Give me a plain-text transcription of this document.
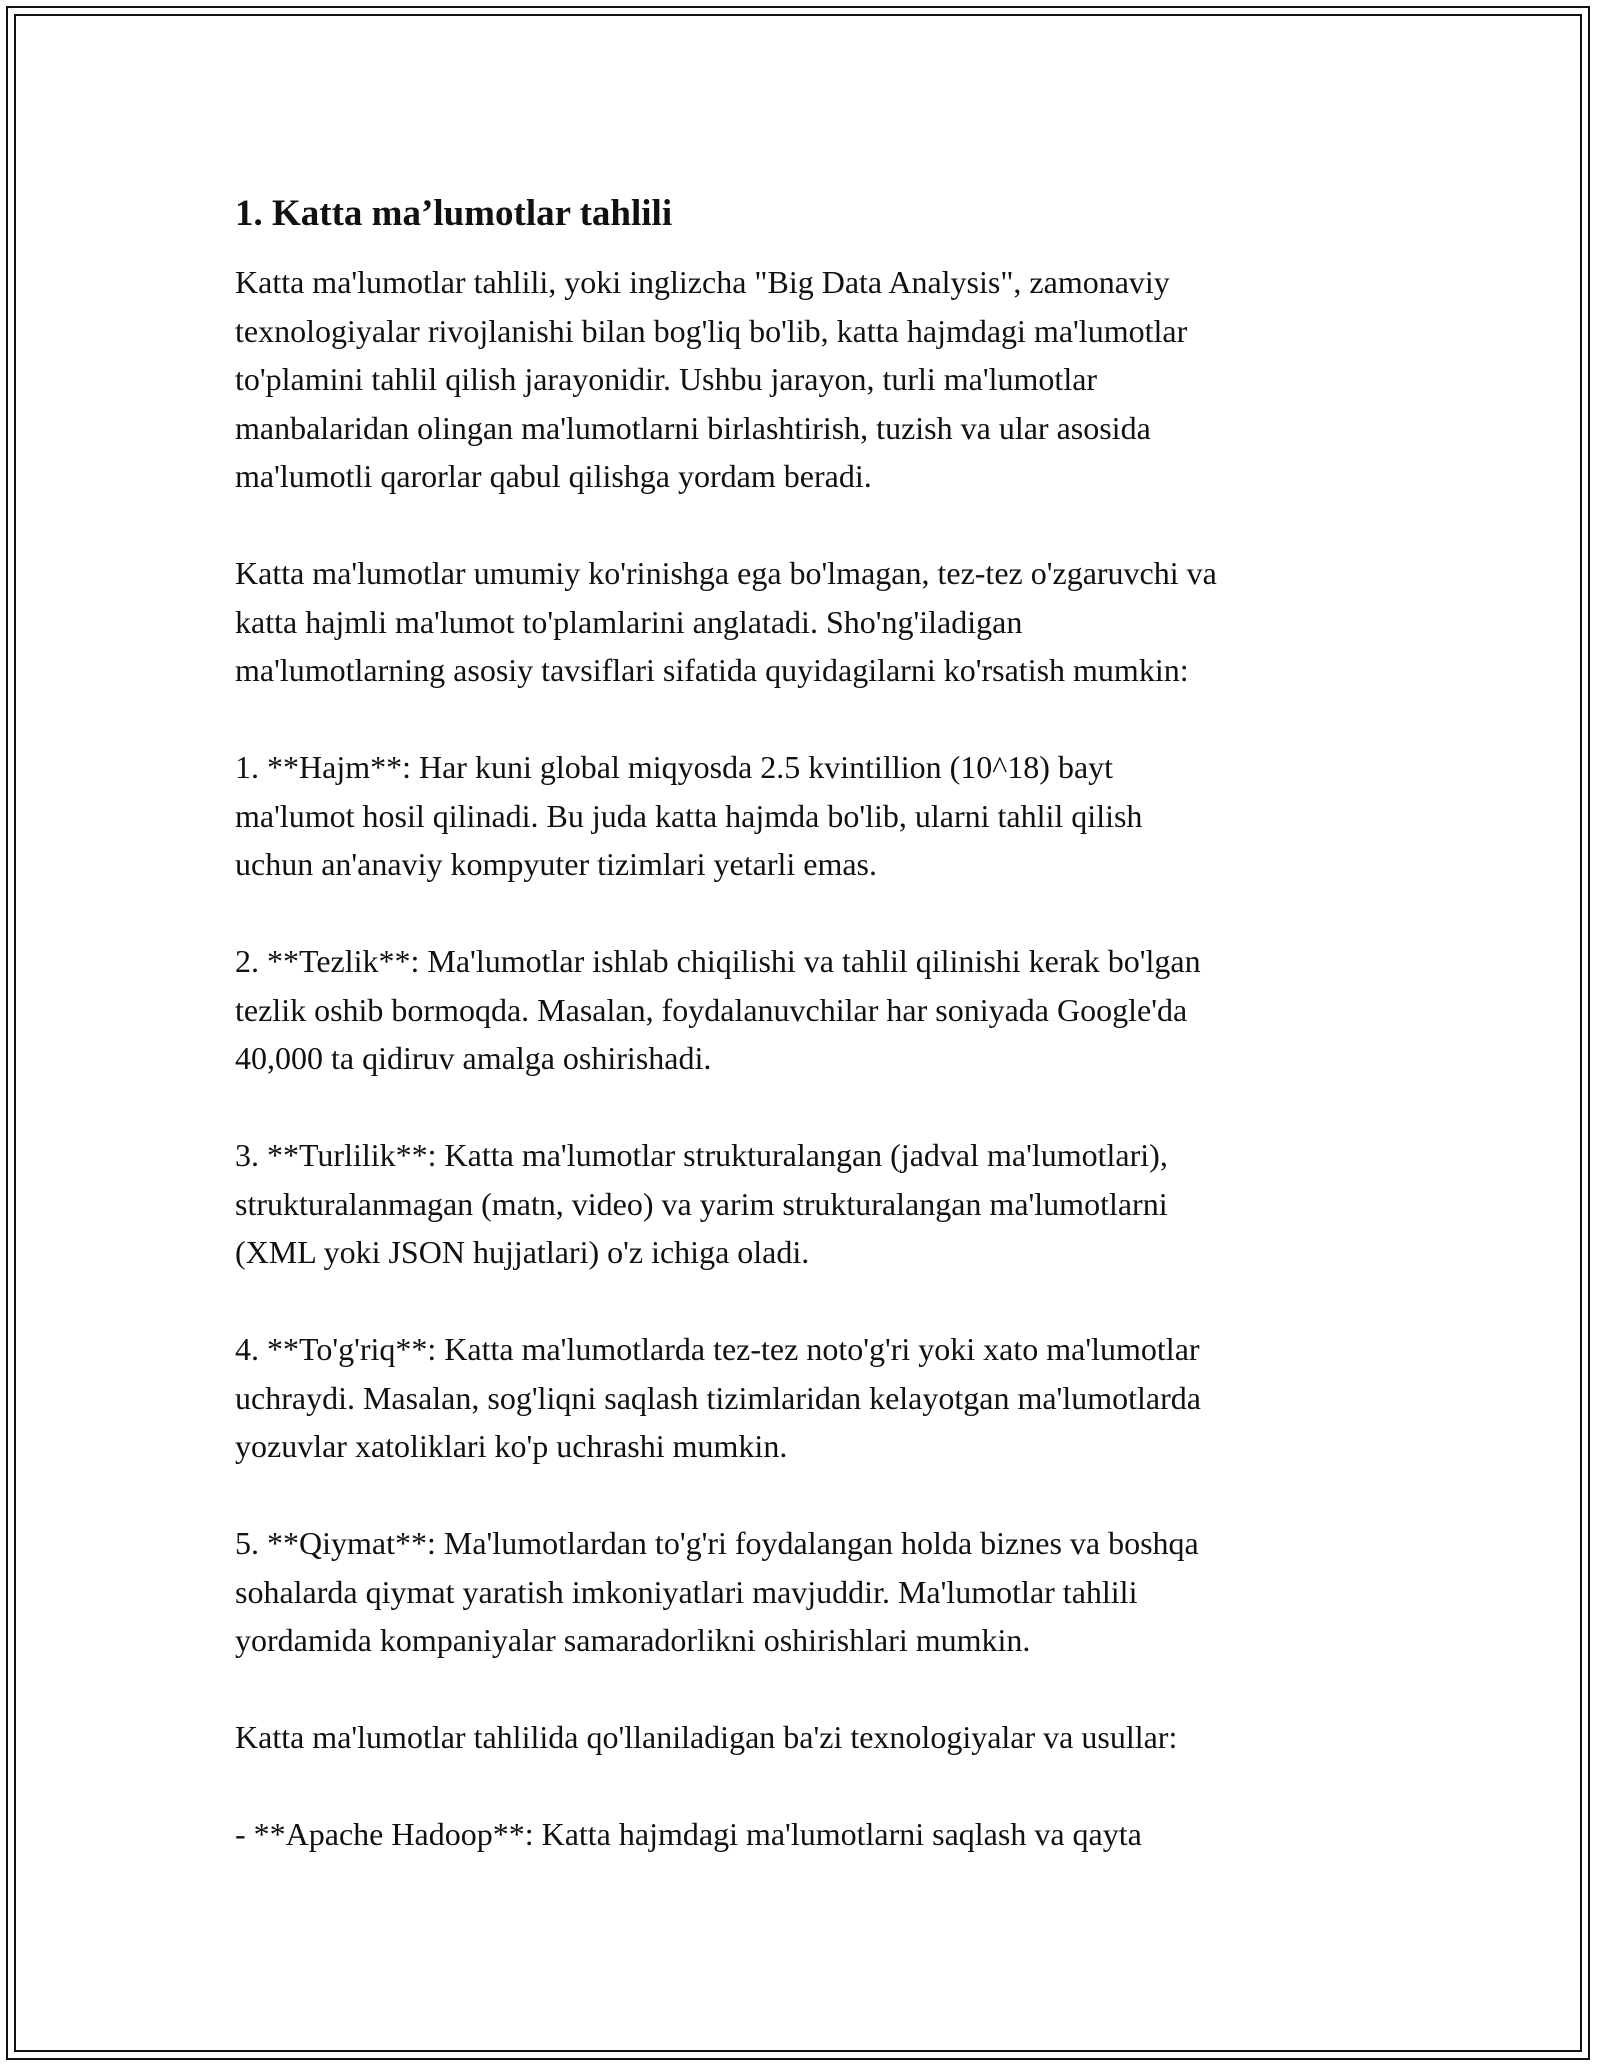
1. Katta ma’lumotlar tahlili

Katta ma'lumotlar tahlili, yoki inglizcha "Big Data Analysis", zamonaviy
texnologiyalar rivojlanishi bilan bog'liq bo'lib, katta hajmdagi ma'lumotlar
to'plamini tahlil qilish jarayonidir. Ushbu jarayon, turli ma'lumotlar
manbalaridan olingan ma'lumotlarni birlashtirish, tuzish va ular asosida
ma'lumotli qarorlar qabul qilishga yordam beradi.

Katta ma'lumotlar umumiy ko'rinishga ega bo'lmagan, tez-tez o'zgaruvchi va
katta hajmli ma'lumot to'plamlarini anglatadi. Sho'ng'iladigan
ma'lumotlarning asosiy tavsiflari sifatida quyidagilarni ko'rsatish mumkin:

1. **Hajm**: Har kuni global miqyosda 2.5 kvintillion (10^18) bayt
ma'lumot hosil qilinadi. Bu juda katta hajmda bo'lib, ularni tahlil qilish
uchun an'anaviy kompyuter tizimlari yetarli emas.

2. **Tezlik**: Ma'lumotlar ishlab chiqilishi va tahlil qilinishi kerak bo'lgan
tezlik oshib bormoqda. Masalan, foydalanuvchilar har soniyada Google'da
40,000 ta qidiruv amalga oshirishadi.

3. **Turlilik**: Katta ma'lumotlar strukturalangan (jadval ma'lumotlari),
strukturalanmagan (matn, video) va yarim strukturalangan ma'lumotlarni
(XML yoki JSON hujjatlari) o'z ichiga oladi.

4. **To'g'riq**: Katta ma'lumotlarda tez-tez noto'g'ri yoki xato ma'lumotlar
uchraydi. Masalan, sog'liqni saqlash tizimlaridan kelayotgan ma'lumotlarda
yozuvlar xatoliklari ko'p uchrashi mumkin.

5. **Qiymat**: Ma'lumotlardan to'g'ri foydalangan holda biznes va boshqa
sohalarda qiymat yaratish imkoniyatlari mavjuddir. Ma'lumotlar tahlili
yordamida kompaniyalar samaradorlikni oshirishlari mumkin.

Katta ma'lumotlar tahlilida qo'llaniladigan ba'zi texnologiyalar va usullar:

- **Apache Hadoop**: Katta hajmdagi ma'lumotlarni saqlash va qayta
